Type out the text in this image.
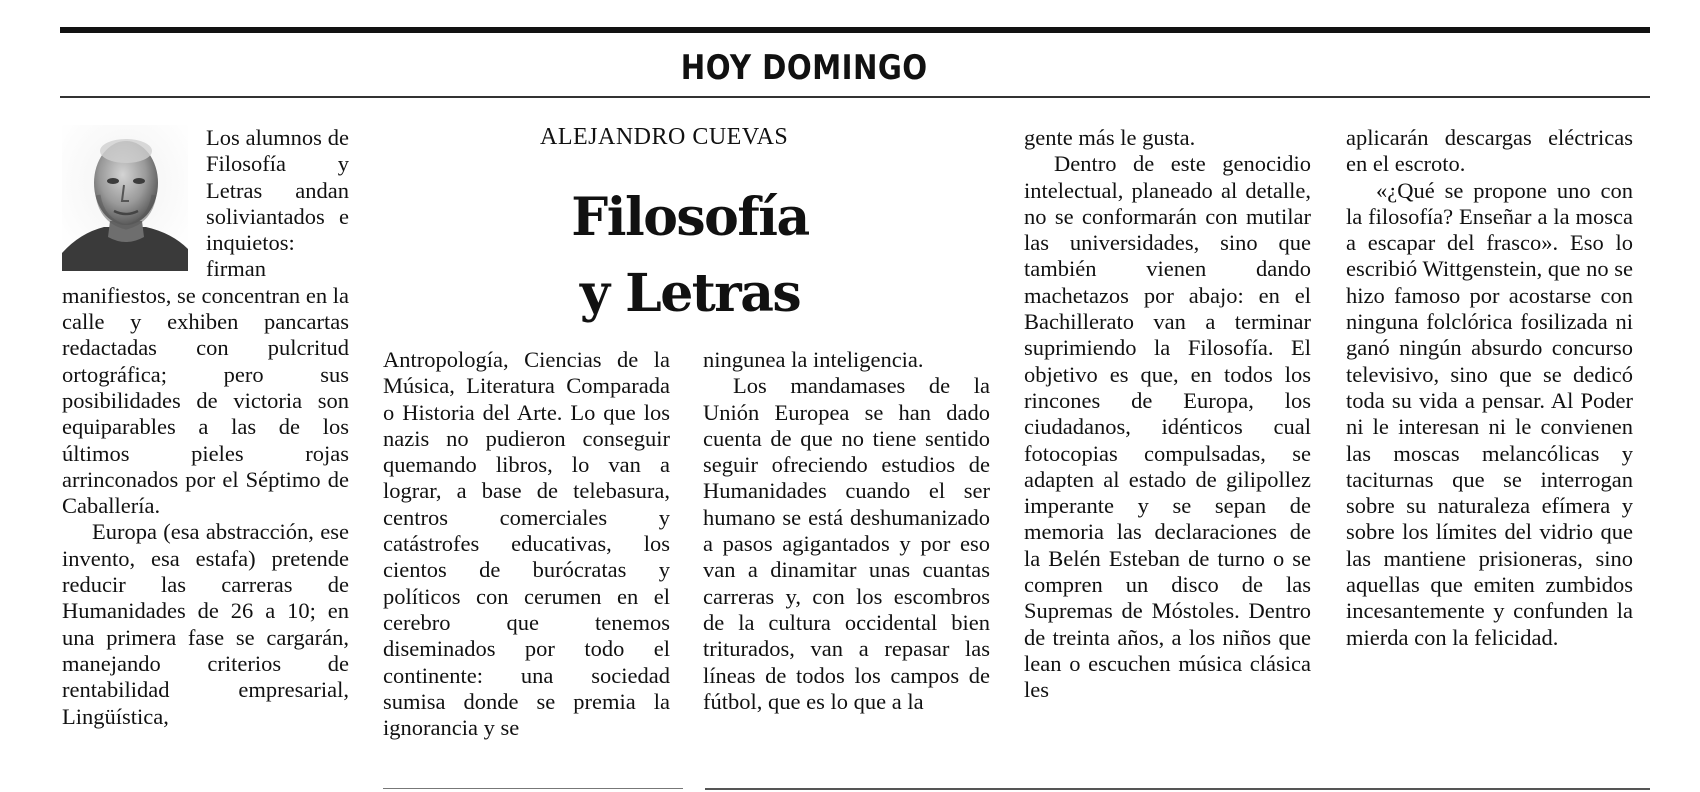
HOY DOMINGO

Los alumnos de Filosofía y Letras andan soliviantados e inquietos: firman manifiestos, se concentran en la calle y exhiben pancartas redactadas con pulcritud ortográfica; pero sus posibilidades de victoria son equiparables a las de los últimos pieles rojas arrinconados por el Séptimo de Caballería.

Europa (esa abstracción, ese invento, esa estafa) pretende reducir las carreras de Humanidades de 26 a 10; en una primera fase se cargarán, manejando criterios de rentabilidad empresarial, Lingüística,

ALEJANDRO CUEVAS
Filosofía
y Letras

Antropología, Ciencias de la Música, Literatura Comparada o Historia del Arte. Lo que los nazis no pudieron conseguir quemando libros, lo van a lograr, a base de telebasura, centros comerciales y catástrofes educativas, los cientos de burócratas y políticos con cerumen en el cerebro que tenemos diseminados por todo el continente: una sociedad sumisa donde se premia la ignorancia y se

ningunea la inteligencia.

Los mandamases de la Unión Europea se han dado cuenta de que no tiene sentido seguir ofreciendo estudios de Humanidades cuando el ser humano se está deshumanizado a pasos agigantados y por eso van a dinamitar unas cuantas carreras y, con los escombros de la cultura occidental bien triturados, van a repasar las líneas de todos los campos de fútbol, que es lo que a la

gente más le gusta.

Dentro de este genocidio intelectual, planeado al detalle, no se conformarán con mutilar las universidades, sino que también vienen dando machetazos por abajo: en el Bachillerato van a terminar suprimiendo la Filosofía. El objetivo es que, en todos los rincones de Europa, los ciudadanos, idénticos cual fotocopias compulsadas, se adapten al estado de gilipollez imperante y se sepan de memoria las declaraciones de la Belén Esteban de turno o se compren un disco de las Supremas de Móstoles. Dentro de treinta años, a los niños que lean o escuchen música clásica les

aplicarán descargas eléctricas en el escroto.

«¿Qué se propone uno con la filosofía? Enseñar a la mosca a escapar del frasco». Eso lo escribió Wittgenstein, que no se hizo famoso por acostarse con ninguna folclórica fosilizada ni ganó ningún absurdo concurso televisivo, sino que se dedicó toda su vida a pensar. Al Poder ni le interesan ni le convienen las moscas melancólicas y taciturnas que se interrogan sobre su naturaleza efímera y sobre los límites del vidrio que las mantiene prisioneras, sino aquellas que emiten zumbidos incesantemente y confunden la mierda con la felicidad.
